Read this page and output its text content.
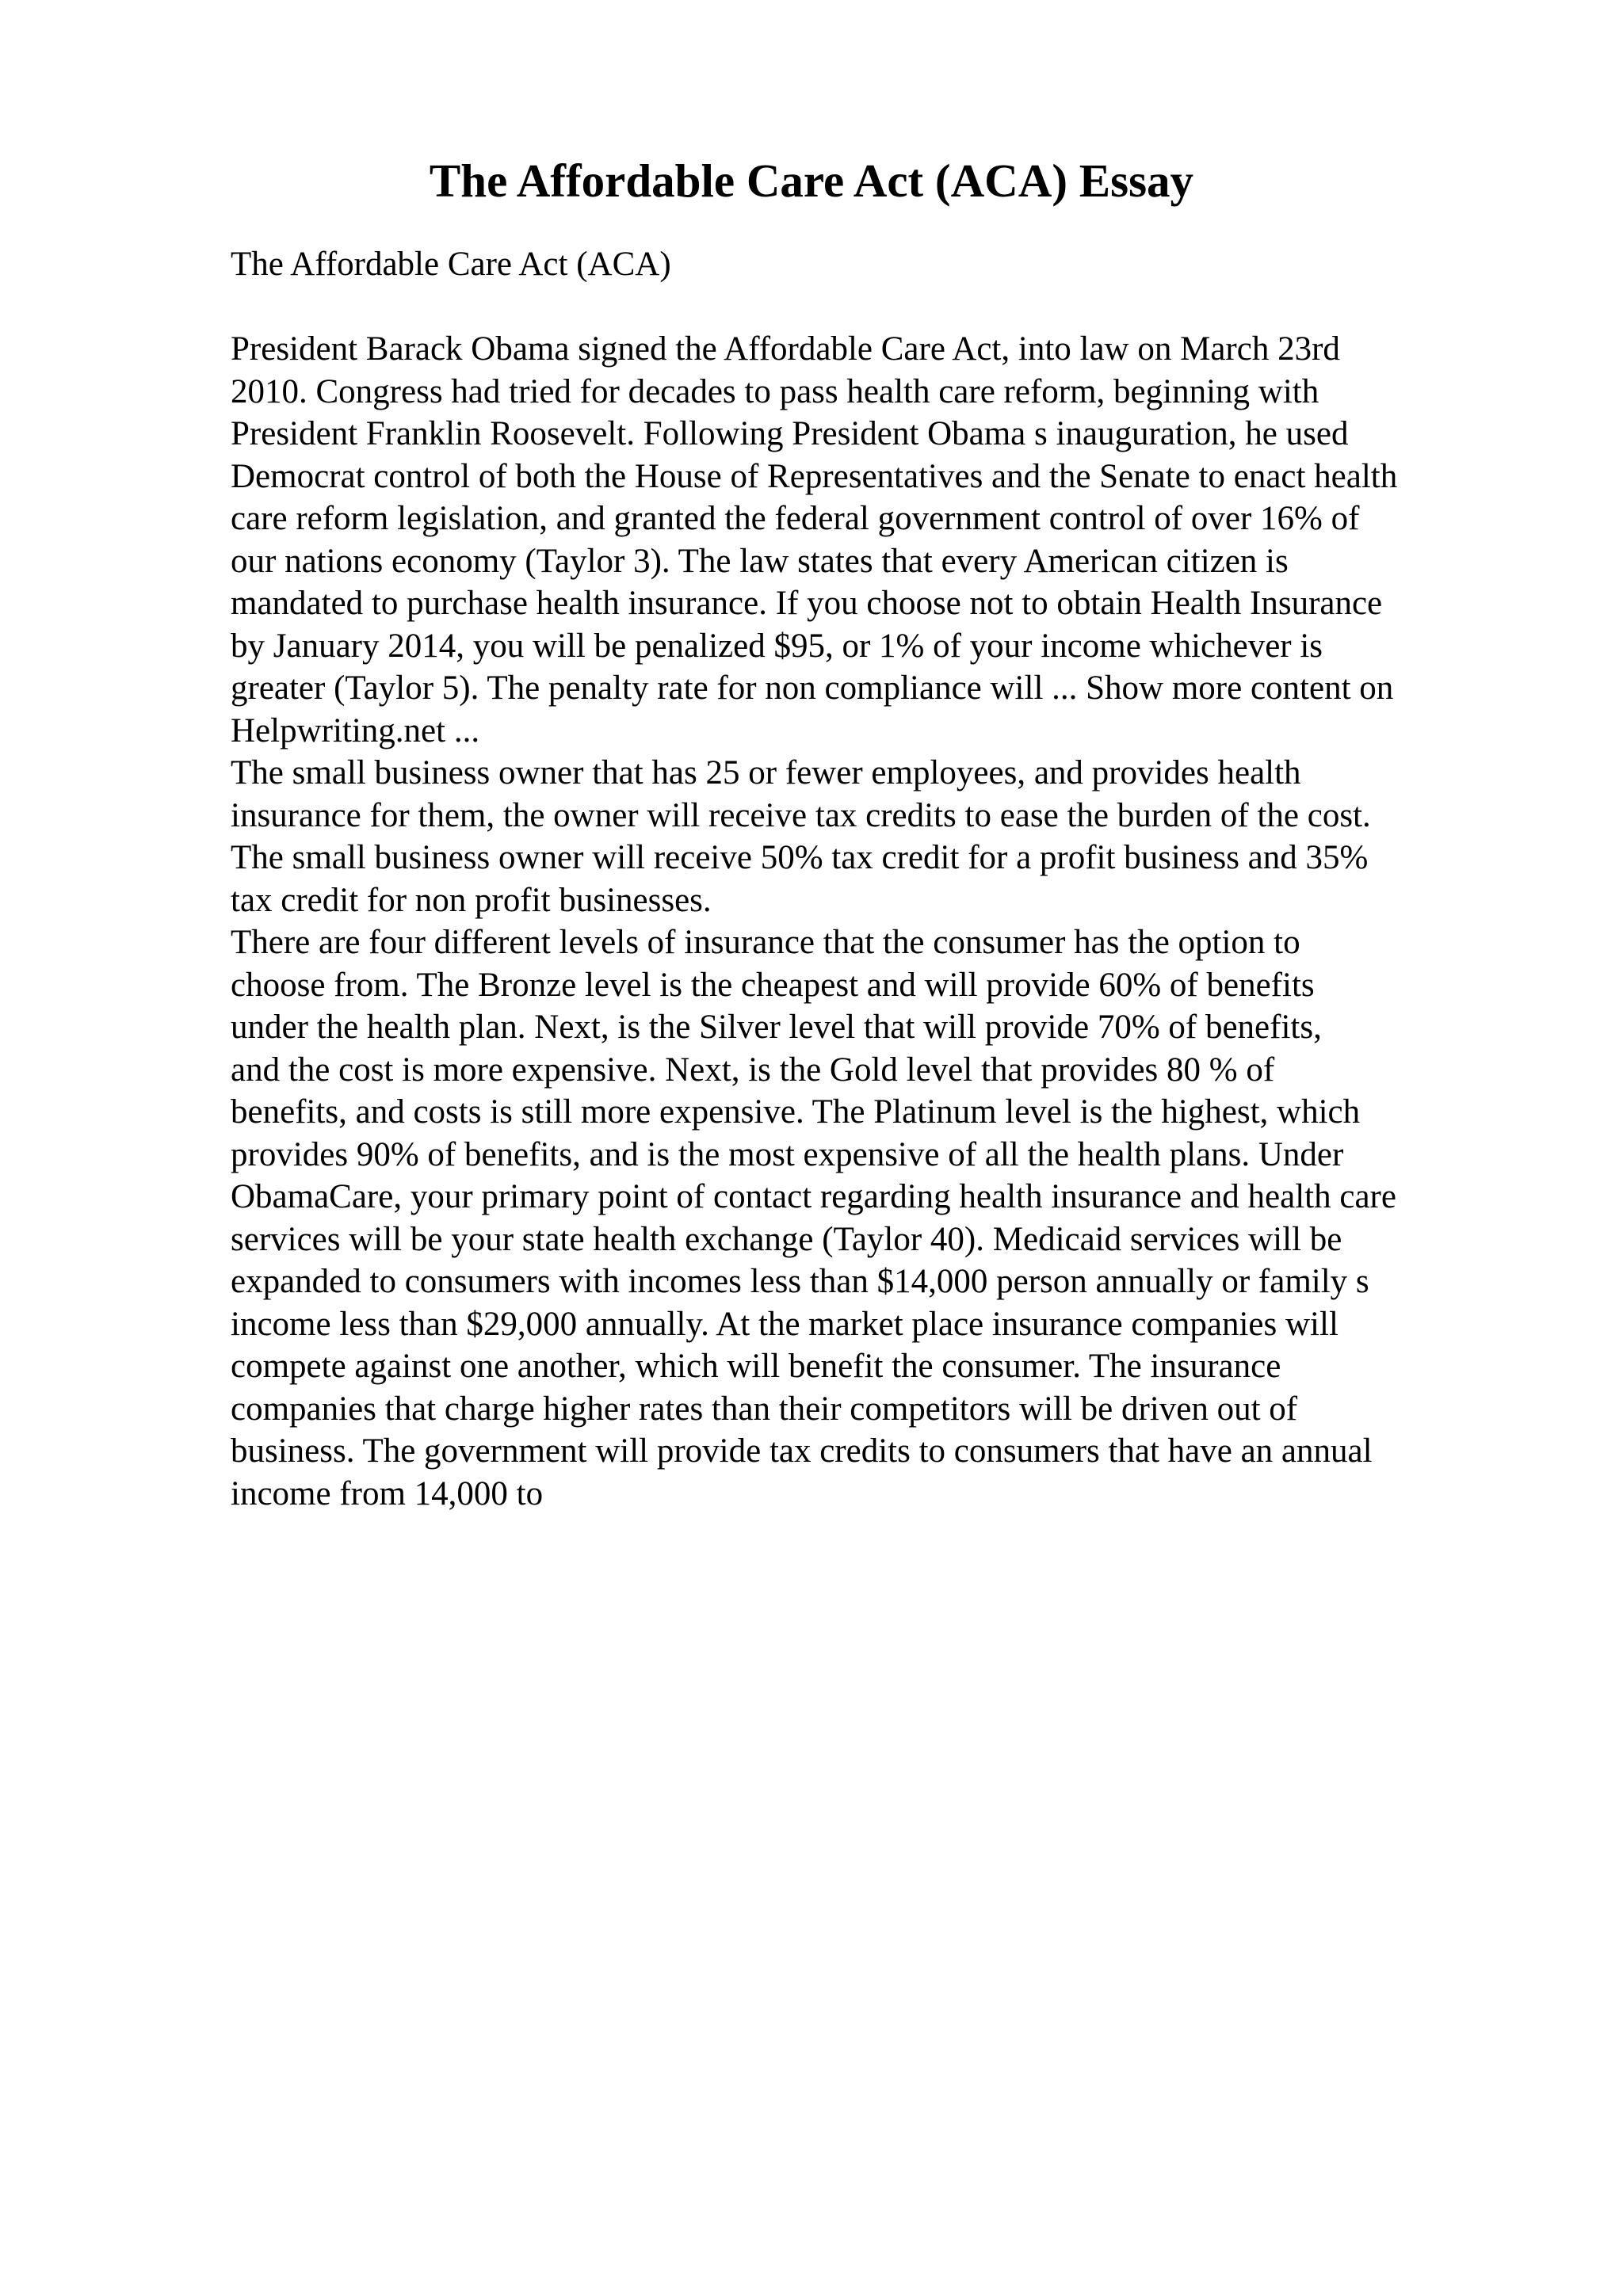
The Affordable Care Act (ACA) Essay

The Affordable Care Act (ACA)

President Barack Obama signed the Affordable Care Act, into law on March 23rd
2010. Congress had tried for decades to pass health care reform, beginning with
President Franklin Roosevelt. Following President Obama s inauguration, he used
Democrat control of both the House of Representatives and the Senate to enact health
care reform legislation, and granted the federal government control of over 16% of
our nations economy (Taylor 3). The law states that every American citizen is
mandated to purchase health insurance. If you choose not to obtain Health Insurance
by January 2014, you will be penalized $95, or 1% of your income whichever is
greater (Taylor 5). The penalty rate for non compliance will ... Show more content on
Helpwriting.net ...
The small business owner that has 25 or fewer employees, and provides health
insurance for them, the owner will receive tax credits to ease the burden of the cost.
The small business owner will receive 50% tax credit for a profit business and 35%
tax credit for non profit businesses.
There are four different levels of insurance that the consumer has the option to
choose from. The Bronze level is the cheapest and will provide 60% of benefits
under the health plan. Next, is the Silver level that will provide 70% of benefits,
and the cost is more expensive. Next, is the Gold level that provides 80 % of
benefits, and costs is still more expensive. The Platinum level is the highest, which
provides 90% of benefits, and is the most expensive of all the health plans. Under
ObamaCare, your primary point of contact regarding health insurance and health care
services will be your state health exchange (Taylor 40). Medicaid services will be
expanded to consumers with incomes less than $14,000 person annually or family s
income less than $29,000 annually. At the market place insurance companies will
compete against one another, which will benefit the consumer. The insurance
companies that charge higher rates than their competitors will be driven out of
business. The government will provide tax credits to consumers that have an annual
income from 14,000 to
